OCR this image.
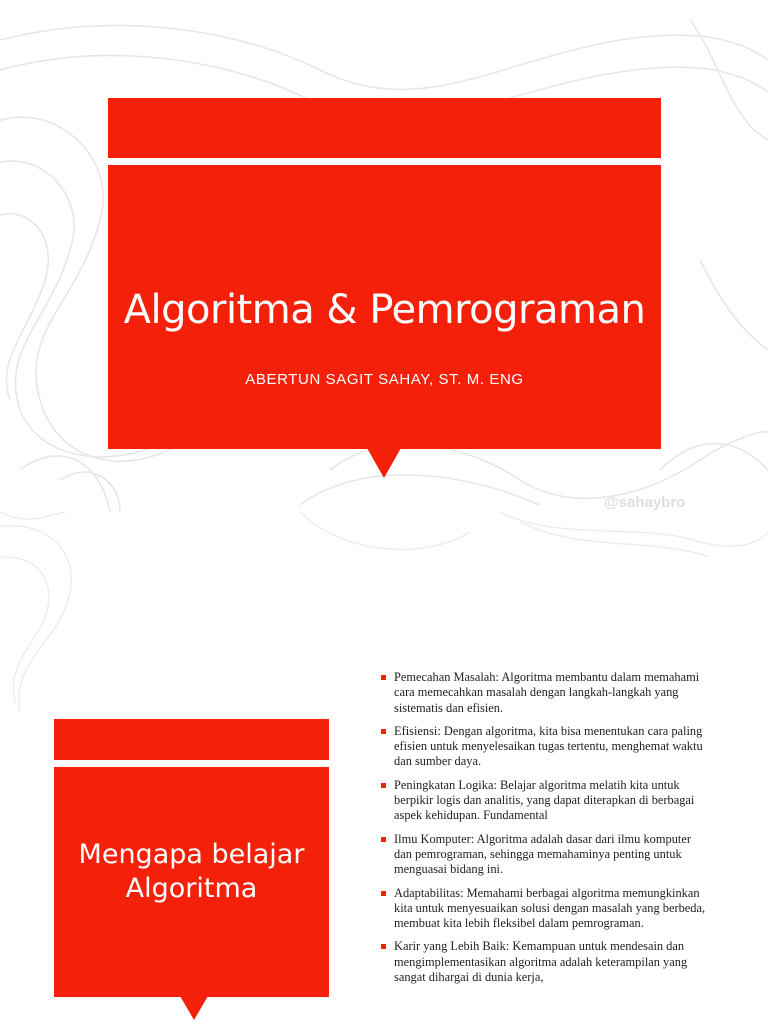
Algoritma & Pemrograman
ABERTUN SAGIT SAHAY, ST. M. ENG
@sahaybro
Mengapa belajar
Algoritma
Pemecahan Masalah: Algoritma membantu dalam memahami cara memecahkan masalah dengan langkah-langkah yang sistematis dan efisien.
Efisiensi: Dengan algoritma, kita bisa menentukan cara paling efisien untuk menyelesaikan tugas tertentu, menghemat waktu dan sumber daya.
Peningkatan Logika: Belajar algoritma melatih kita untuk berpikir logis dan analitis, yang dapat diterapkan di berbagai aspek kehidupan. Fundamental
Ilmu Komputer: Algoritma adalah dasar dari ilmu komputer dan pemrograman, sehingga memahaminya penting untuk menguasai bidang ini.
Adaptabilitas: Memahami berbagai algoritma memungkinkan kita untuk menyesuaikan solusi dengan masalah yang berbeda, membuat kita lebih fleksibel dalam pemrograman.
Karir yang Lebih Baik: Kemampuan untuk mendesain dan mengimplementasikan algoritma adalah keterampilan yang sangat dihargai di dunia kerja,
